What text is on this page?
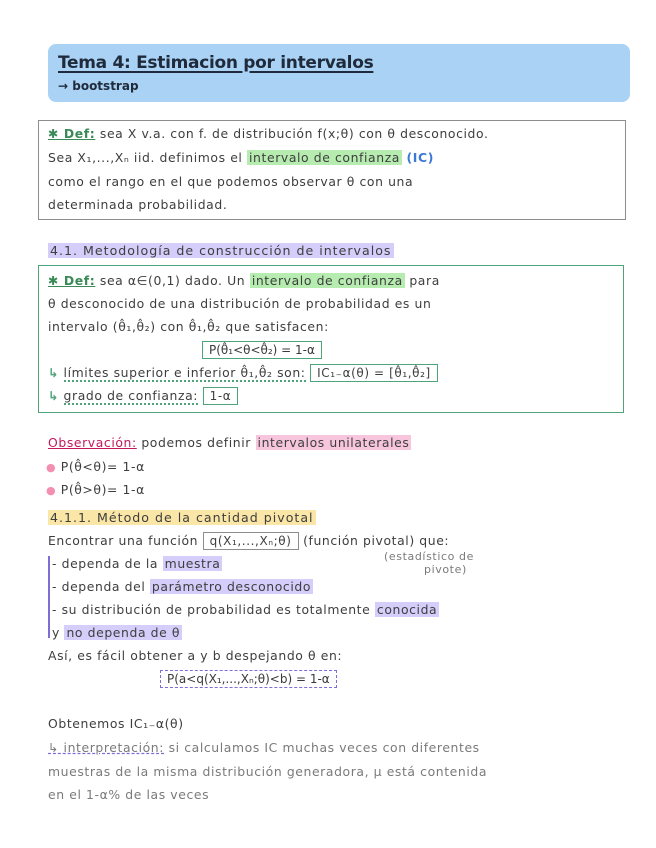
Tema 4: Estimacion por intervalos
→ bootstrap
✱ Def: sea X v.a. con f. de distribución f(x;θ) con θ desconocido.
Sea X₁,...,Xₙ iid. definimos el intervalo de confianza (IC)
como el rango en el que podemos observar θ con una
determinada probabilidad.
4.1. Metodología de construcción de intervalos
✱ Def: sea α∈(0,1) dado. Un intervalo de confianza para
θ desconocido de una distribución de probabilidad es un
intervalo (θ̂₁,θ̂₂) con θ̂₁,θ̂₂ que satisfacen:
P(θ̂₁<θ<θ̂₂) = 1-α
↳ límites superior e inferior θ̂₁,θ̂₂ son: IC₁₋α(θ) = [θ̂₁,θ̂₂]
↳ grado de confianza: 1-α
Observación: podemos definir intervalos unilaterales
● P(θ̂<θ)= 1-α
● P(θ̂>θ)= 1-α
4.1.1. Método de la cantidad pivotal
Encontrar una función q(X₁,...,Xₙ;θ) (función pivotal) que:
(estadístico de
pivote)
- dependa de la muestra
- dependa del parámetro desconocido
- su distribución de probabilidad es totalmente conocida
y no dependa de θ
Así, es fácil obtener a y b despejando θ en:
P(a<q(X₁,...,Xₙ;θ)<b) = 1-α
Obtenemos IC₁₋α(θ)
↳ interpretación: si calculamos IC muchas veces con diferentes
muestras de la misma distribución generadora, μ está contenida
en el 1-α% de las veces
